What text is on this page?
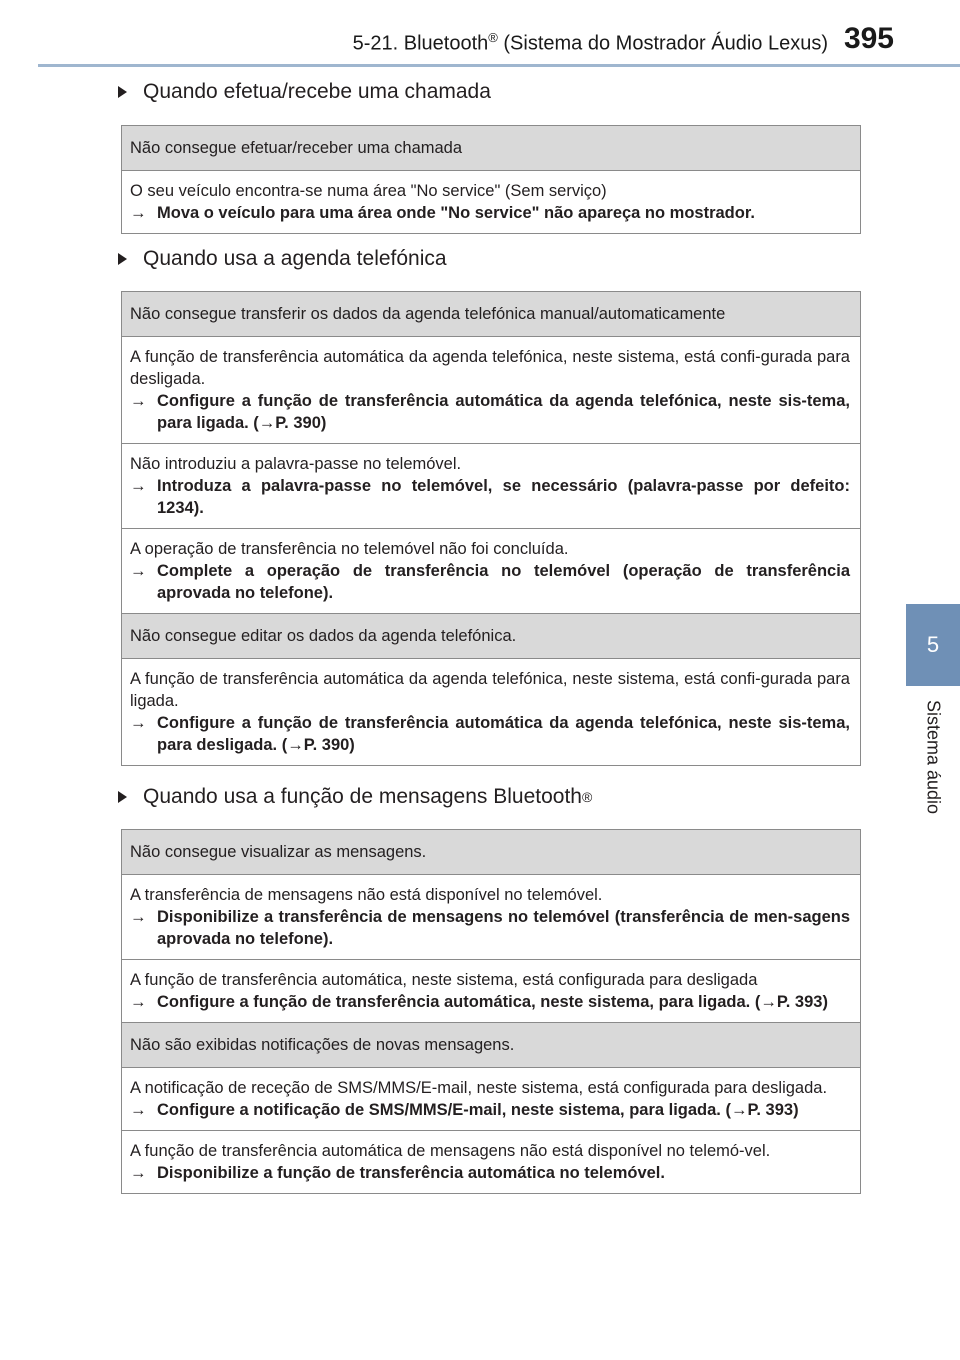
5-21. Bluetooth® (Sistema do Mostrador Áudio Lexus) 395
5
Sistema áudio
Quando efetua/recebe uma chamada
Não consegue efetuar/receber uma chamada

O seu veículo encontra-se numa área "No service" (Sem serviço)
→ Mova o veículo para uma área onde "No service" não apareça no mostrador.
Quando usa a agenda telefónica
Não consegue transferir os dados da agenda telefónica manual/automaticamente

A função de transferência automática da agenda telefónica, neste sistema, está confi-gurada para desligada.
→ Configure a função de transferência automática da agenda telefónica, neste sis-tema, para ligada. (→P. 390)

Não introduziu a palavra-passe no telemóvel.
→ Introduza a palavra-passe no telemóvel, se necessário (palavra-passe por defeito: 1234).

A operação de transferência no telemóvel não foi concluída.
→ Complete a operação de transferência no telemóvel (operação de transferência aprovada no telefone).

Não consegue editar os dados da agenda telefónica.

A função de transferência automática da agenda telefónica, neste sistema, está confi-gurada para ligada.
→ Configure a função de transferência automática da agenda telefónica, neste sis-tema, para desligada. (→P. 390)
Quando usa a função de mensagens Bluetooth ®
Não consegue visualizar as mensagens.

A transferência de mensagens não está disponível no telemóvel.
→ Disponibilize a transferência de mensagens no telemóvel (transferência de men-sagens aprovada no telefone).

A função de transferência automática, neste sistema, está configurada para desligada
→ Configure a função de transferência automática, neste sistema, para ligada. (→P. 393)

Não são exibidas notificações de novas mensagens.

A notificação de receção de SMS/MMS/E-mail, neste sistema, está configurada para desligada.
→ Configure a notificação de SMS/MMS/E-mail, neste sistema, para ligada. (→P. 393)

A função de transferência automática de mensagens não está disponível no telemó-vel.
→ Disponibilize a função de transferência automática no telemóvel.
